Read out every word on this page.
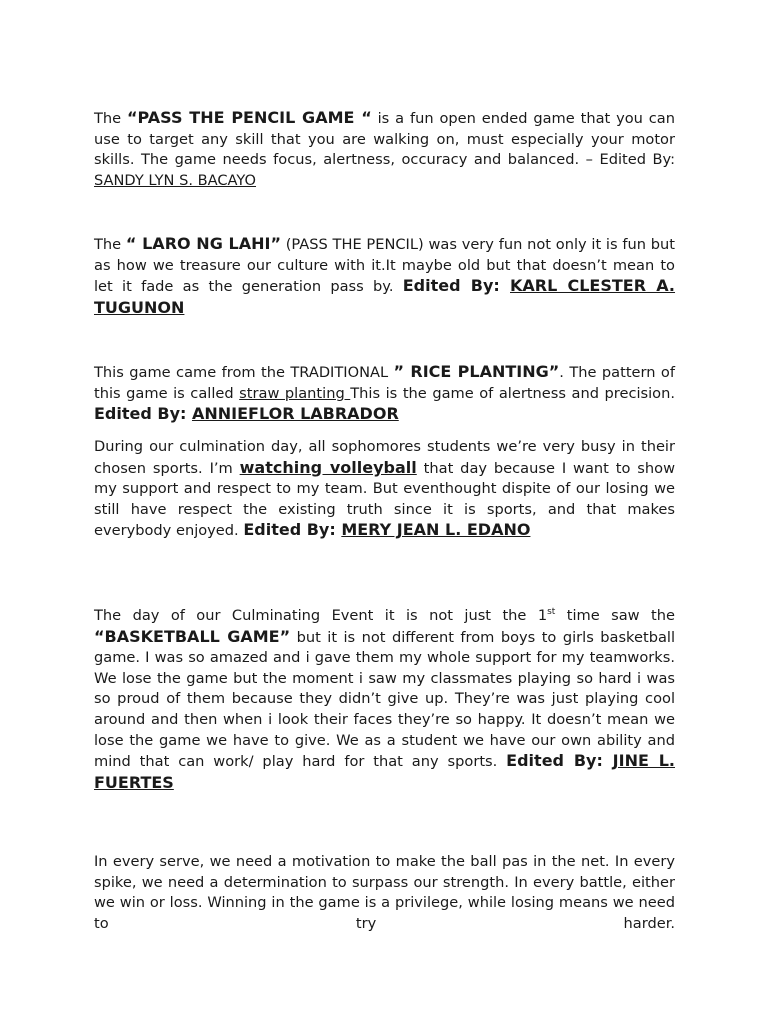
The “PASS THE PENCIL GAME “ is a fun open ended game that you can use to target any skill that you are walking on, must especially your motor skills. The game needs focus, alertness, occuracy and balanced. – Edited By: SANDY LYN S. BACAYO

The “ LARO NG LAHI” (PASS THE PENCIL) was very fun not only it is fun but as how we treasure our culture with it.It maybe old but that doesn’t mean to let it fade as the generation pass by. Edited By: KARL CLESTER A. TUGUNON

This game came from the TRADITIONAL ” RICE PLANTING”. The pattern of this game is called straw planting This is the game of alertness and precision. Edited By: ANNIEFLOR LABRADOR

During our culmination day, all sophomores students we’re very busy in their chosen sports. I’m watching volleyball that day because I want to show my support and respect to my team. But eventhought dispite of our losing we still have respect the existing truth since it is sports, and that makes everybody enjoyed. Edited By: MERY JEAN L. EDANO

The day of our Culminating Event it is not just the 1st time saw the “BASKETBALL GAME” but it is not different from boys to girls basketball game. I was so amazed and i gave them my whole support for my teamworks. We lose the game but the moment i saw my classmates playing so hard i was so proud of them because they didn’t give up. They’re was just playing cool around and then when i look their faces they’re so happy. It doesn’t mean we lose the game we have to give. We as a student we have our own ability and mind that can work/ play hard for that any sports. Edited By: JINE L. FUERTES

In every serve, we need a motivation to make the ball pas in the net. In every spike, we need a determination to surpass our strength. In every battle, either we win or loss. Winning in the game is a privilege, while losing means we need to try harder.
